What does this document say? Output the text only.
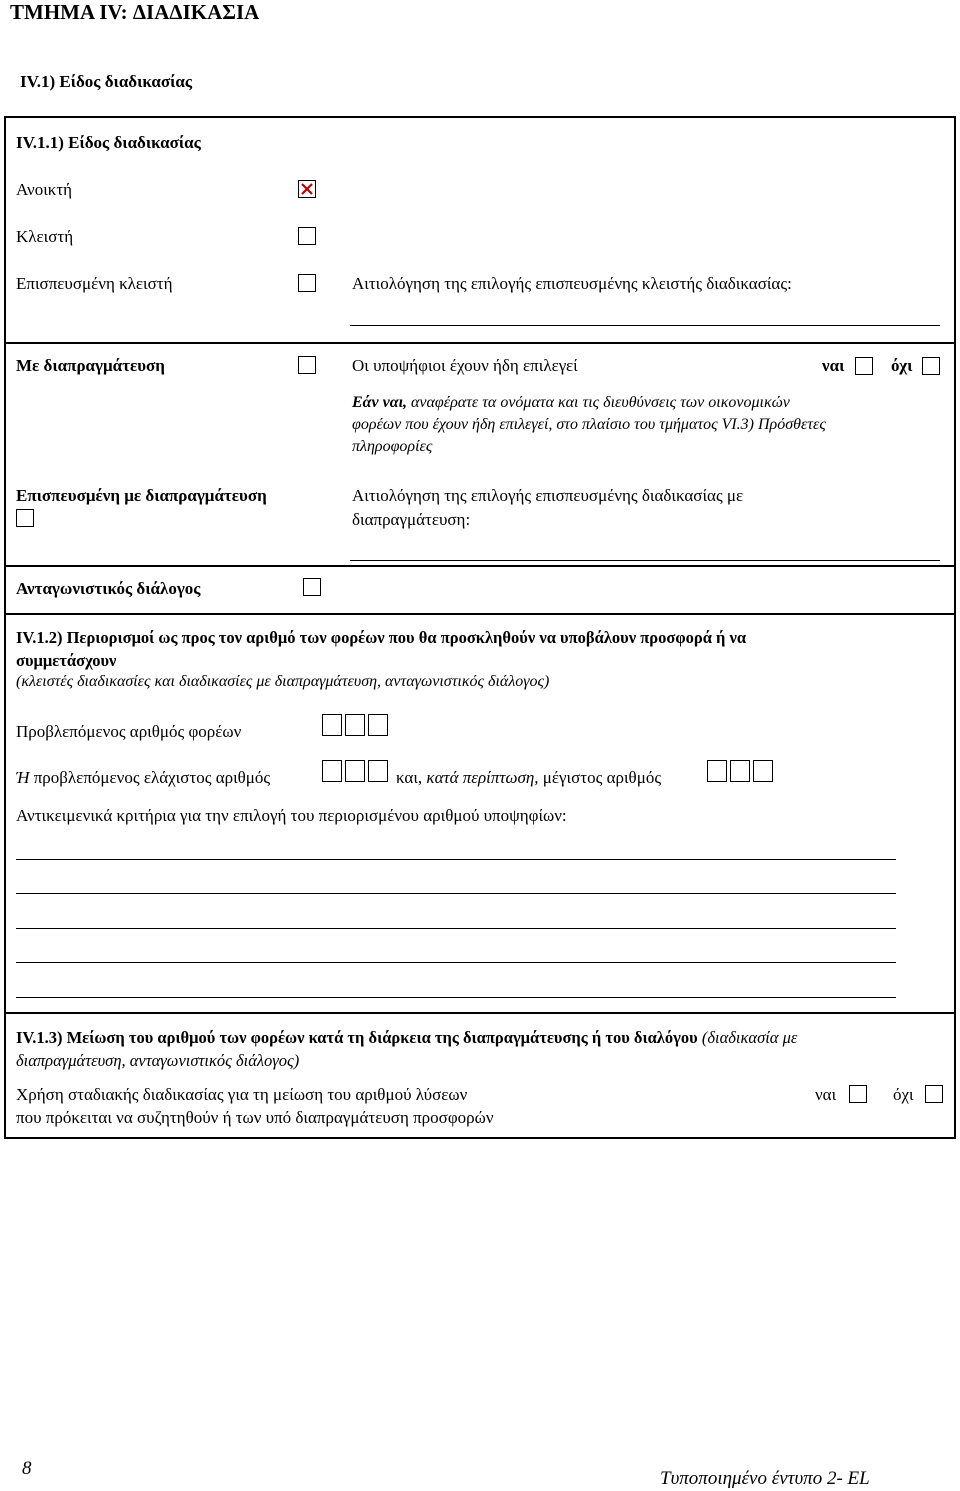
ΤΜΗΜΑ IV: ΔΙΑΔΙΚΑΣΙΑ
IV.1) Είδος διαδικασίας
IV.1.1) Είδος διαδικασίας
Ανοικτή
Κλειστή
Επισπευσμένη κλειστή	Αιτιολόγηση της επιλογής επισπευσμένης κλειστής διαδικασίας:
Με διαπραγμάτευση	Οι υποψήφιοι έχουν ήδη επιλεγεί	ναι	όχι
Εάν ναι, αναφέρατε τα ονόματα και τις διευθύνσεις των οικονομικών
φορέων που έχουν ήδη επιλεγεί, στο πλαίσιο του τμήματος VI.3) Πρόσθετες
πληροφορίες
Επισπευσμένη με διαπραγμάτευση	Αιτιολόγηση της επιλογής επισπευσμένης διαδικασίας με
διαπραγμάτευση:
Ανταγωνιστικός διάλογος
IV.1.2) Περιορισμοί ως προς τον αριθμό των φορέων που θα προσκληθούν να υποβάλουν προσφορά ή να
συμμετάσχουν
(κλειστές διαδικασίες και διαδικασίες με διαπραγμάτευση, ανταγωνιστικός διάλογος)
Προβλεπόμενος αριθμός φορέων
Ή προβλεπόμενος ελάχιστος αριθμός	και, κατά περίπτωση, μέγιστος αριθμός
Αντικειμενικά κριτήρια για την επιλογή του περιορισμένου αριθμού υποψηφίων:
IV.1.3) Μείωση του αριθμού των φορέων κατά τη διάρκεια της διαπραγμάτευσης ή του διαλόγου (διαδικασία με
διαπραγμάτευση, ανταγωνιστικός διάλογος)
Χρήση σταδιακής διαδικασίας για τη μείωση του αριθμού λύσεων
που πρόκειται να συζητηθούν ή των υπό διαπραγμάτευση προσφορών
ναι	όχι
8	Τυποποιημένο έντυπο 2- EL
